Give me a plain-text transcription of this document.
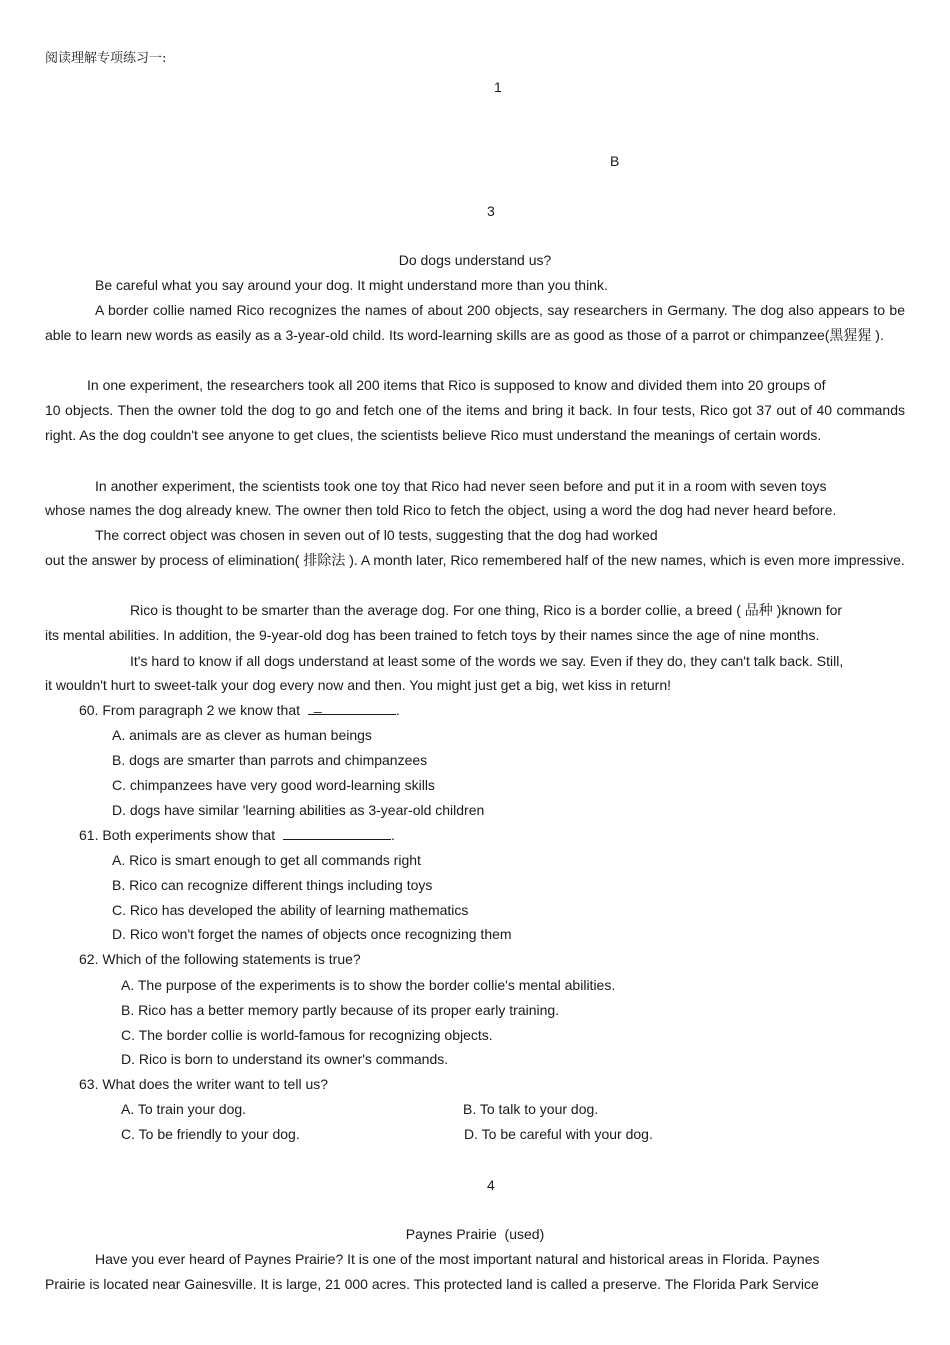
阅读理解专项练习一:
1
B
3
Do dogs understand us?
Be careful what you say around your dog. It might understand more than you think.
A border collie named Rico recognizes the names of about 200 objects, say researchers in Germany. The dog also appears to be able to learn new words as easily as a 3-year-old child. Its word-learning skills are as good as those of a parrot or chimpanzee(黑猩猩 ).
In one experiment, the researchers took all 200 items that Rico is supposed to know and divided them into 20 groups of
10 objects. Then the owner told the dog to go and fetch one of the items and bring it back. In four tests, Rico got 37 out of 40 commands right. As the dog couldn't see anyone to get clues, the scientists believe Rico must understand the meanings of certain words.
In another experiment, the scientists took one toy that Rico had never seen before and put it in a room with seven toys
whose names the dog already knew. The owner then told Rico to fetch the object, using a word the dog had never heard before.
The correct object was chosen in seven out of l0 tests, suggesting that the dog had worked
out the answer by process of elimination( 排除法 ). A month later, Rico remembered half of the new names, which is even more impressive.
Rico is thought to be smarter than the average dog. For one thing, Rico is a border collie, a breed ( 品种 )known for
its mental abilities. In addition, the 9-year-old dog has been trained to fetch toys by their names since the age of nine months.
It's hard to know if all dogs understand at least some of the words we say. Even if they do, they can't talk back. Still,
it wouldn't hurt to sweet-talk your dog every now and then. You might just get a big, wet kiss in return!
60. From paragraph 2 we know that _	.
A. animals are as clever as human beings
B. dogs are smarter than parrots and chimpanzees
C. chimpanzees have very good word-learning skills
D. dogs have similar 'learning abilities as 3-year-old children
61. Both experiments show that	.
A. Rico is smart enough to get all commands right
B. Rico can recognize different things including toys
C. Rico has developed the ability of learning mathematics
D. Rico won't forget the names of objects once recognizing them
62. Which of the following statements is true?
A. The purpose of the experiments is to show the border collie's mental abilities.
B. Rico has a better memory partly because of its proper early training.
C. The border collie is world-famous for recognizing objects.
D. Rico is born to understand its owner's commands.
63. What does the writer want to tell us?
A. To train your dog.	B. To talk to your dog.
C. To be friendly to your dog.	D. To be careful with your dog.
4
Paynes Prairie  (used)
Have you ever heard of Paynes Prairie? It is one of the most important natural and historical areas in Florida. Paynes
Prairie is located near Gainesville. It is large, 21 000 acres. This protected land is called a preserve. The Florida Park Service
